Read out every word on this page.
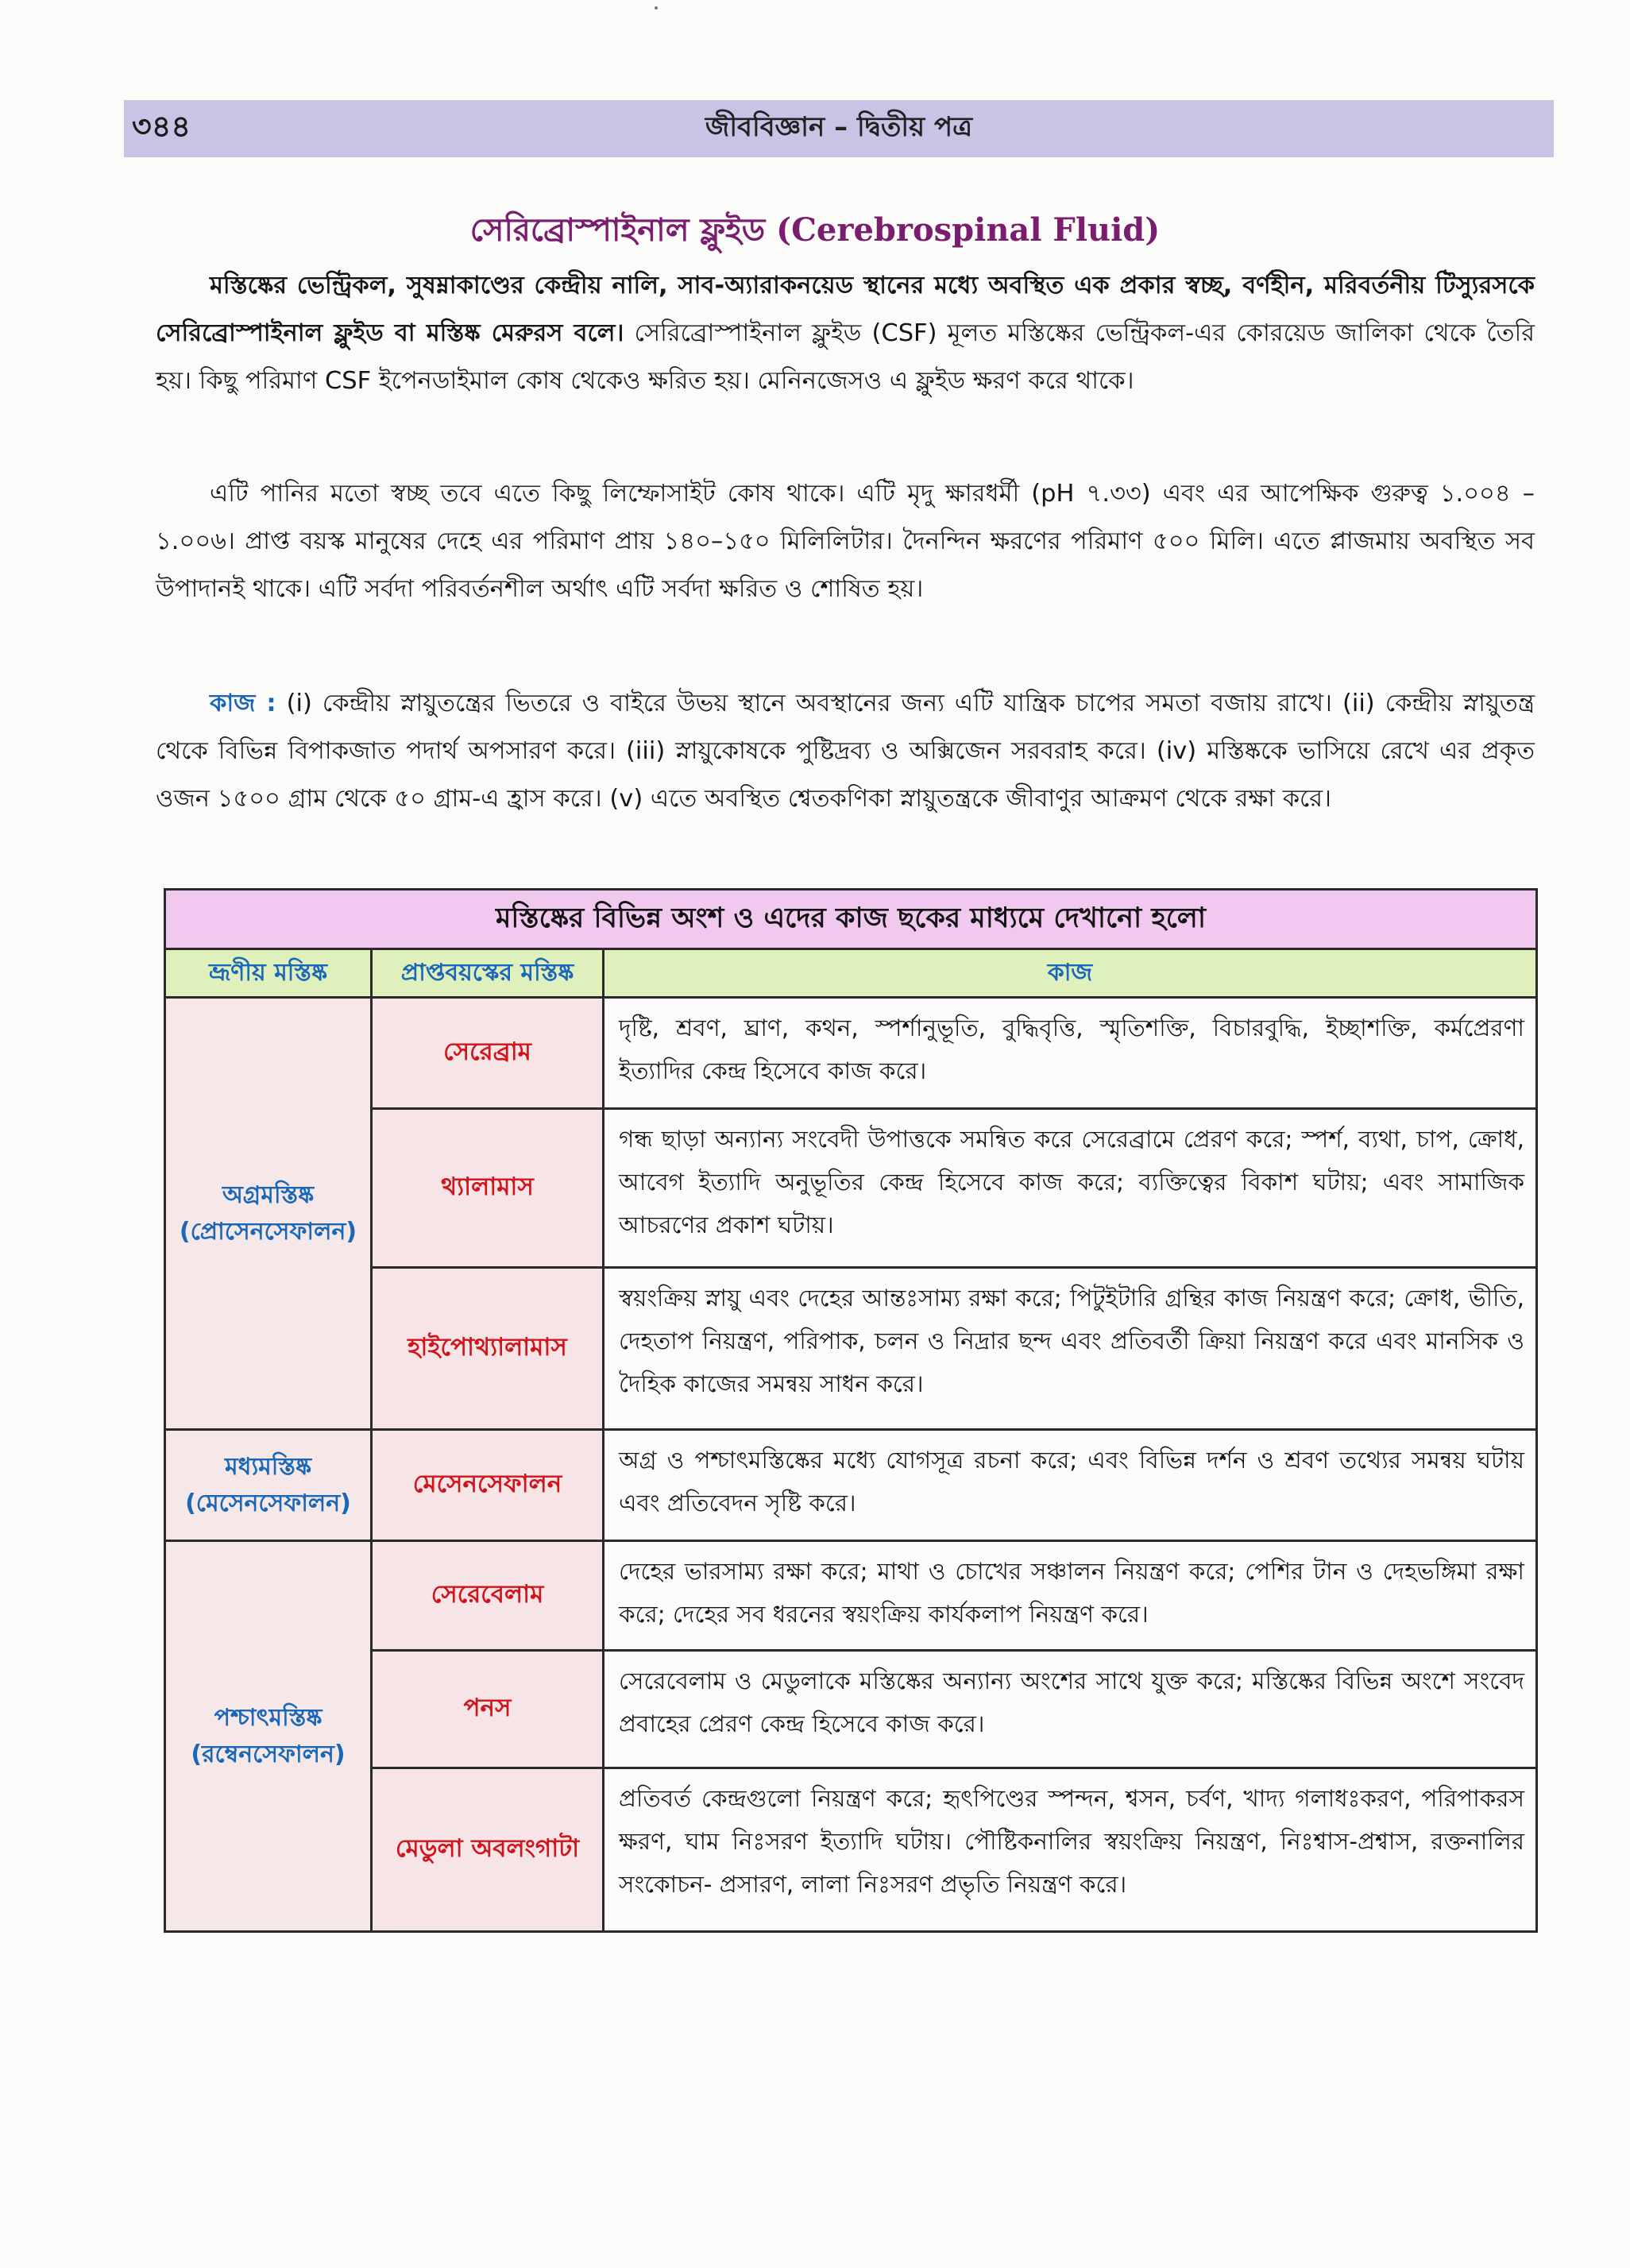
৩৪৪	জীববিজ্ঞান – দ্বিতীয় পত্র
সেরিব্রোস্পাইনাল ফ্লুইড (Cerebrospinal Fluid)

মস্তিষ্কের ভেন্ট্রিকল, সুষম্নাকাণ্ডের কেন্দ্রীয় নালি, সাব-অ্যারাকনয়েড স্থানের মধ্যে অবস্থিত এক প্রকার স্বচ্ছ, বর্ণহীন, মরিবর্তনীয় টিস্যুরসকে সেরিব্রোস্পাইনাল ফ্লুইড বা মস্তিষ্ক মেরুরস বলে। সেরিব্রোস্পাইনাল ফ্লুইড (CSF) মূলত মস্তিষ্কের ভেন্ট্রিকল-এর কোরয়েড জালিকা থেকে তৈরি হয়। কিছু পরিমাণ CSF ইপেনডাইমাল কোষ থেকেও ক্ষরিত হয়। মেনিনজেসও এ ফ্লুইড ক্ষরণ করে থাকে।

এটি পানির মতো স্বচ্ছ তবে এতে কিছু লিম্ফোসাইট কোষ থাকে। এটি মৃদু ক্ষারধর্মী (pH ৭.৩৩) এবং এর আপেক্ষিক গুরুত্ব ১.০০৪ – ১.০০৬। প্রাপ্ত বয়স্ক মানুষের দেহে এর পরিমাণ প্রায় ১৪০–১৫০ মিলিলিটার। দৈনন্দিন ক্ষরণের পরিমাণ ৫০০ মিলি। এতে প্লাজমায় অবস্থিত সব উপাদানই থাকে। এটি সর্বদা পরিবর্তনশীল অর্থাৎ এটি সর্বদা ক্ষরিত ও শোষিত হয়।

কাজ : (i) কেন্দ্রীয় স্নায়ুতন্ত্রের ভিতরে ও বাইরে উভয় স্থানে অবস্থানের জন্য এটি যান্ত্রিক চাপের সমতা বজায় রাখে। (ii) কেন্দ্রীয় স্নায়ুতন্ত্র থেকে বিভিন্ন বিপাকজাত পদার্থ অপসারণ করে। (iii) স্নায়ুকোষকে পুষ্টিদ্রব্য ও অক্সিজেন সরবরাহ করে। (iv) মস্তিষ্ককে ভাসিয়ে রেখে এর প্রকৃত ওজন ১৫০০ গ্রাম থেকে ৫০ গ্রাম-এ হ্রাস করে। (v) এতে অবস্থিত শ্বেতকণিকা স্নায়ুতন্ত্রকে জীবাণুর আক্রমণ থেকে রক্ষা করে।

মস্তিষ্কের বিভিন্ন অংশ ও এদের কাজ ছকের মাধ্যমে দেখানো হলো		
ভ্রূণীয় মস্তিষ্ক	প্রাপ্তবয়স্কের মস্তিষ্ক	কাজ

অগ্রমস্তিষ্ক
(প্রোসেনসেফালন)	সেরেব্রাম	দৃষ্টি, শ্রবণ, ঘ্রাণ, কথন, স্পর্শানুভূতি, বুদ্ধিবৃত্তি, স্মৃতিশক্তি, বিচারবুদ্ধি, ইচ্ছাশক্তি, কর্মপ্রেরণা ইত্যাদির কেন্দ্র হিসেবে কাজ করে।
	থ্যালামাস	গন্ধ ছাড়া অন্যান্য সংবেদী উপাত্তকে সমন্বিত করে সেরেব্রামে প্রেরণ করে; স্পর্শ, ব্যথা, চাপ, ক্রোধ, আবেগ ইত্যাদি অনুভূতির কেন্দ্র হিসেবে কাজ করে; ব্যক্তিত্বের বিকাশ ঘটায়; এবং সামাজিক আচরণের প্রকাশ ঘটায়।
	হাইপোথ্যালামাস	স্বয়ংক্রিয় স্নায়ু এবং দেহের আন্তঃসাম্য রক্ষা করে; পিটুইটারি গ্রন্থির কাজ নিয়ন্ত্রণ করে; ক্রোধ, ভীতি, দেহতাপ নিয়ন্ত্রণ, পরিপাক, চলন ও নিদ্রার ছন্দ এবং প্রতিবর্তী ক্রিয়া নিয়ন্ত্রণ করে এবং মানসিক ও দৈহিক কাজের সমন্বয় সাধন করে।

মধ্যমস্তিষ্ক
(মেসেনসেফালন)	মেসেনসেফালন	অগ্র ও পশ্চাৎমস্তিষ্কের মধ্যে যোগসূত্র রচনা করে; এবং বিভিন্ন দর্শন ও শ্রবণ তথ্যের সমন্বয় ঘটায় এবং প্রতিবেদন সৃষ্টি করে।

পশ্চাৎমস্তিষ্ক
(রম্বেনসেফালন)	সেরেবেলাম	দেহের ভারসাম্য রক্ষা করে; মাথা ও চোখের সঞ্চালন নিয়ন্ত্রণ করে; পেশির টান ও দেহভঙ্গিমা রক্ষা করে; দেহের সব ধরনের স্বয়ংক্রিয় কার্যকলাপ নিয়ন্ত্রণ করে।
	পনস	সেরেবেলাম ও মেডুলাকে মস্তিষ্কের অন্যান্য অংশের সাথে যুক্ত করে; মস্তিষ্কের বিভিন্ন অংশে সংবেদ প্রবাহের প্রেরণ কেন্দ্র হিসেবে কাজ করে।
	মেডুলা অবলংগাটা	প্রতিবর্ত কেন্দ্রগুলো নিয়ন্ত্রণ করে; হৃৎপিণ্ডের স্পন্দন, শ্বসন, চর্বণ, খাদ্য গলাধঃকরণ, পরিপাকরস ক্ষরণ, ঘাম নিঃসরণ ইত্যাদি ঘটায়। পৌষ্টিকনালির স্বয়ংক্রিয় নিয়ন্ত্রণ, নিঃশ্বাস-প্রশ্বাস, রক্তনালির সংকোচন- প্রসারণ, লালা নিঃসরণ প্রভৃতি নিয়ন্ত্রণ করে।
